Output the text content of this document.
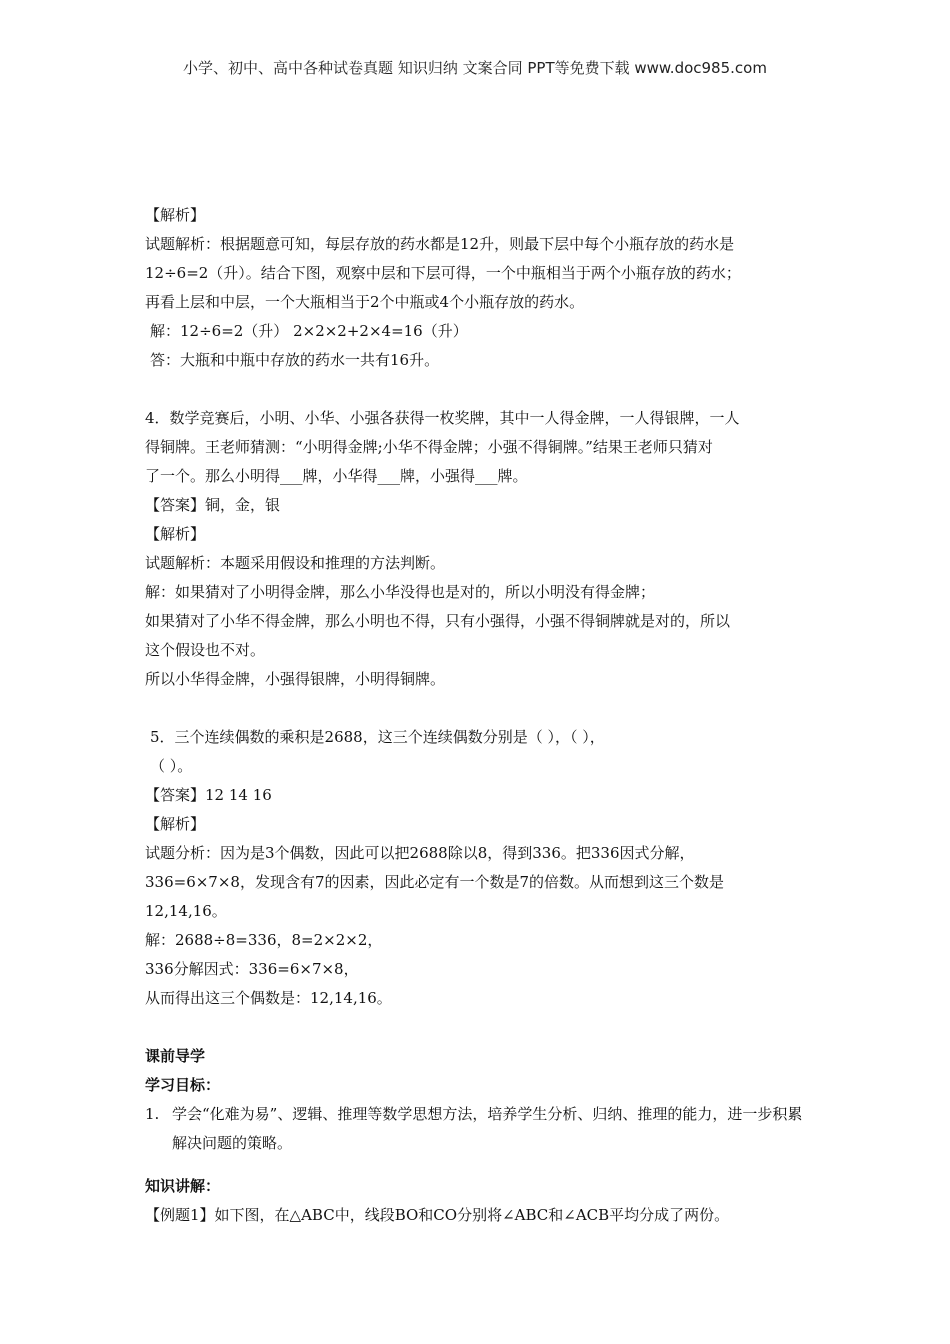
小学、初中、高中各种试卷真题 知识归纳 文案合同 PPT等免费下载 www.doc985.com
【解析】
试题解析：根据题意可知，每层存放的药水都是12升，则最下层中每个小瓶存放的药水是
12÷6=2（升）。结合下图，观察中层和下层可得，一个中瓶相当于两个小瓶存放的药水；
再看上层和中层，一个大瓶相当于2个中瓶或4个小瓶存放的药水。
解：12÷6=2（升） 2×2×2+2×4=16（升）
答：大瓶和中瓶中存放的药水一共有16升。
4．数学竞赛后，小明、小华、小强各获得一枚奖牌，其中一人得金牌，一人得银牌，一人
得铜牌。王老师猜测：“小明得金牌;小华不得金牌；小强不得铜牌。”结果王老师只猜对
了一个。那么小明得___牌，小华得___牌，小强得___牌。
【答案】铜，金，银
【解析】
试题解析：本题采用假设和推理的方法判断。
解：如果猜对了小明得金牌，那么小华没得也是对的，所以小明没有得金牌；
如果猜对了小华不得金牌，那么小明也不得，只有小强得，小强不得铜牌就是对的，所以
这个假设也不对。
所以小华得金牌，小强得银牌，小明得铜牌。
5．三个连续偶数的乘积是2688，这三个连续偶数分别是（ ），（ ），
（ ）。
【答案】12 14 16
【解析】
试题分析：因为是3个偶数，因此可以把2688除以8，得到336。把336因式分解，
336=6×7×8，发现含有7的因素，因此必定有一个数是7的倍数。从而想到这三个数是
12,14,16。
解：2688÷8=336，8=2×2×2，
336分解因式：336=6×7×8，
从而得出这三个偶数是：12,14,16。
课前导学
学习目标：
1. 学会“化难为易”、逻辑、推理等数学思想方法，培养学生分析、归纳、推理的能力，进一步积累解决问题的策略。
知识讲解：
【例题1】如下图，在△ABC中，线段BO和CO分别将∠ABC和∠ACB平均分成了两份。
